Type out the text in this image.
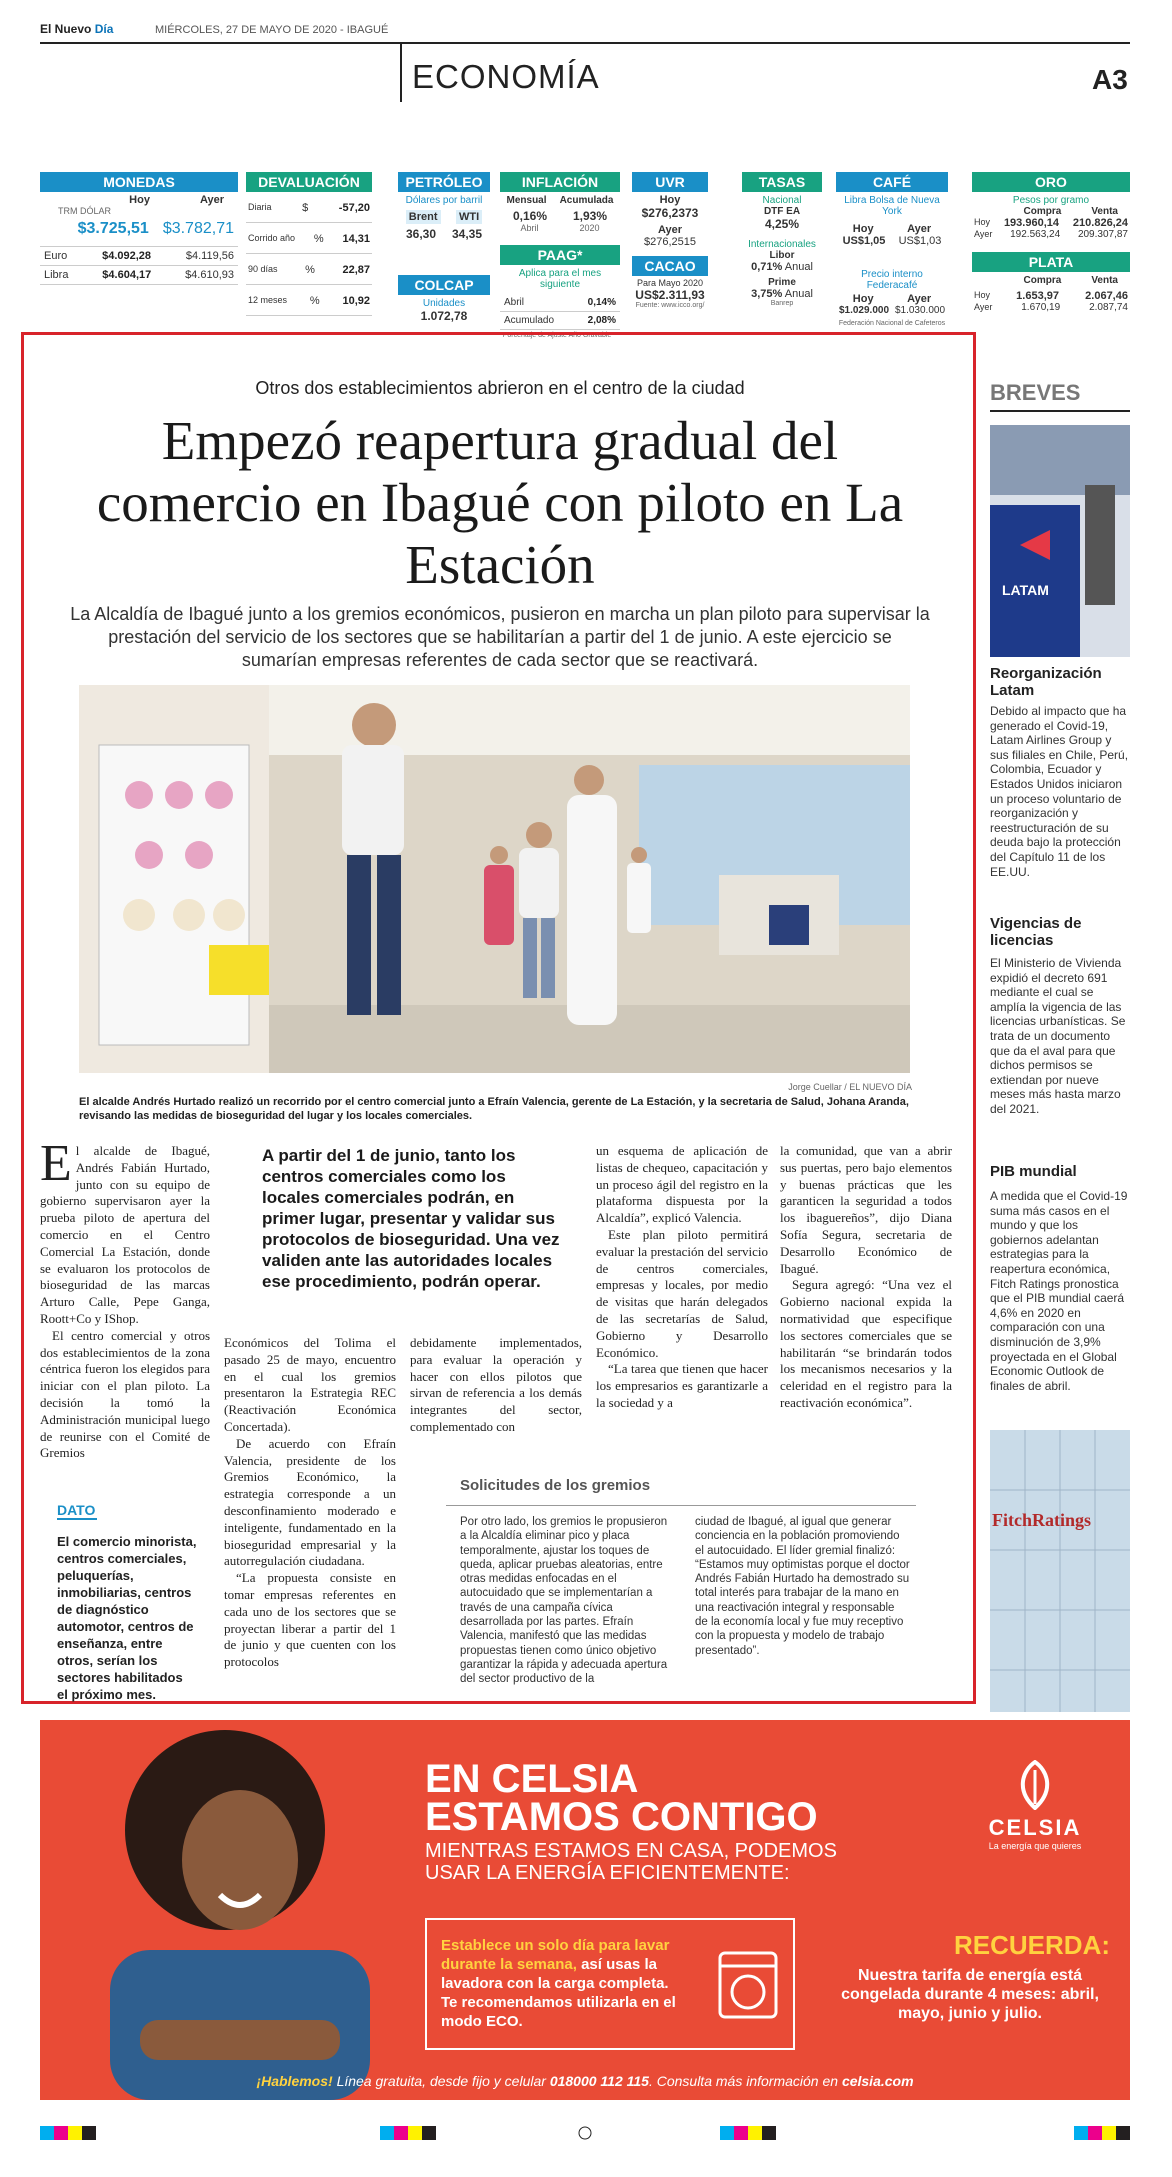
El Nuevo Día	MIÉRCOLES, 27 DE MAYO DE 2020 - IBAGUÉ
ECONOMÍA	A3
MONEDAS
Hoy	Ayer
TRM DÓLAR
$3.725,51 $3.782,71
Euro	$4.092,28	$4.119,56
Libra	$4.604,17	$4.610,93
DEVALUACIÓN
Diaria	$	-57,20
Corrido año % 14,31
90 días	%	22,87
12 meses % 10,92
PETRÓLEO
Dólares por barril
Brent WTI
36,30 34,35
COLCAP
Unidades
1.072,78
INFLACIÓN
Mensual Acumulada
0,16% 1,93%
Abril	2020
PAAG*
Aplica para el mes siguiente
Abril	0,14%
Acumulado	2,08%
*Porcentaje de Ajuste Año Gravable
UVR
Hoy
$276,2373
Ayer
$276,2515
CACAO
Para Mayo 2020
US$2.311,93
Fuente: www.icco.org/
TASAS
Nacional
DTF EA
4,25%
Internacionales
Libor
0,71% Anual
Prime
3,75% Anual
Banrep
CAFÉ
Libra Bolsa de Nueva York
Hoy	Ayer
US$1,05 US$1,03
Precio interno Federacafé
Hoy	Ayer
$1.029.000 $1.030.000
Federación Nacional de Cafeteros
ORO
Pesos por gramo
Compra	Venta
Hoy 193.960,14 210.826,24
Ayer 192.563,24 209.307,87
PLATA
Compra	Venta
Hoy 1.653,97 2.067,46
Ayer	1.670,19	2.087,74
Otros dos establecimientos abrieron en el centro de la ciudad
Empezó reapertura gradual del comercio en Ibagué con piloto en La Estación
La Alcaldía de Ibagué junto a los gremios económicos, pusieron en marcha un plan piloto para supervisar la prestación del servicio de los sectores que se habilitarían a partir del 1 de junio. A este ejercicio se sumarían empresas referentes de cada sector que se reactivará.
Jorge Cuellar / EL NUEVO DÍA
El alcalde Andrés Hurtado realizó un recorrido por el centro comercial junto a Efraín Valencia, gerente de La Estación, y la secretaria de Salud, Johana Aranda, revisando las medidas de bioseguridad del lugar y los locales comerciales.

El alcalde de Ibagué, Andrés Fabián Hurtado, junto con su equipo de gobierno supervisaron ayer la prueba piloto de apertura del comercio en el Centro Comercial La Estación, donde se evaluaron los protocolos de bioseguridad de las marcas Arturo Calle, Pepe Ganga, Roott+Co y IShop.

El centro comercial y otros dos establecimientos de la zona céntrica fueron los elegidos para iniciar con el plan piloto. La decisión la tomó la Administración municipal luego de reunirse con el Comité de Gremios

A partir del 1 de junio, tanto los centros comerciales como los locales comerciales podrán, en primer lugar, presentar y validar sus protocolos de bioseguridad. Una vez validen ante las autoridades locales ese procedimiento, podrán operar.

Económicos del Tolima el pasado 25 de mayo, encuentro en el cual los gremios presentaron la Estrategia REC (Reactivación Económica Concertada).

De acuerdo con Efraín Valencia, presidente de los Gremios Económico, la estrategia corresponde a un desconfinamiento moderado e inteligente, fundamentado en la bioseguridad empresarial y la autorregulación ciudadana.

“La propuesta consiste en tomar empresas referentes en cada uno de los sectores que se proyectan liberar a partir del 1 de junio y que cuenten con los protocolos

debidamente implementados, para evaluar la operación y hacer con ellos pilotos que sirvan de referencia a los demás integrantes del sector, complementado con

un esquema de aplicación de listas de chequeo, capacitación y un proceso ágil del registro en la plataforma dispuesta por la Alcaldía”, explicó Valencia.

Este plan piloto permitirá evaluar la prestación del servicio de centros comerciales, empresas y locales, por medio de visitas que harán delegados de las secretarías de Salud, Gobierno y Desarrollo Económico.

“La tarea que tienen que hacer los empresarios es garantizarle a la sociedad y a

la comunidad, que van a abrir sus puertas, pero bajo elementos y buenas prácticas que les garanticen la seguridad a todos los ibaguereños”, dijo Diana Sofía Segura, secretaria de Desarrollo Económico de Ibagué.

Segura agregó: “Una vez el Gobierno nacional expida la normatividad que especifique los sectores comerciales que se habilitarán “se brindarán todos los mecanismos necesarios y la celeridad en el registro para la reactivación económica”.

DATO
El comercio minorista, centros comerciales, peluquerías, inmobiliarias, centros de diagnóstico automotor, centros de enseñanza, entre otros, serían los sectores habilitados el próximo mes.
Solicitudes de los gremios
Por otro lado, los gremios le propusieron a la Alcaldía eliminar pico y placa temporalmente, ajustar los toques de queda, aplicar pruebas aleatorias, entre otras medidas enfocadas en el autocuidado que se implementarían a través de una campaña cívica desarrollada por las partes. Efraín Valencia, manifestó que las medidas propuestas tienen como único objetivo garantizar la rápida y adecuada apertura del sector productivo de la
ciudad de Ibagué, al igual que generar conciencia en la población promoviendo el autocuidado. El líder gremial finalizó: “Estamos muy optimistas porque el doctor Andrés Fabián Hurtado ha demostrado su total interés para trabajar de la mano en una reactivación integral y responsable de la economía local y fue muy receptivo con la propuesta y modelo de trabajo presentado”.
BREVES
LATAM
Reorganización Latam
Debido al impacto que ha generado el Covid-19, Latam Airlines Group y sus filiales en Chile, Perú, Colombia, Ecuador y Estados Unidos iniciaron un proceso voluntario de reorganización y reestructuración de su deuda bajo la protección del Capítulo 11 de los EE.UU.
Vigencias de licencias
El Ministerio de Vivienda expidió el decreto 691 mediante el cual se amplía la vigencia de las licencias urbanísticas. Se trata de un documento que da el aval para que dichos permisos se extiendan por nueve meses más hasta marzo del 2021.
PIB mundial
A medida que el Covid-19 suma más casos en el mundo y que los gobiernos adelantan estrategias para la reapertura económica, Fitch Ratings pronostica que el PIB mundial caerá 4,6% en 2020 en comparación con una disminución de 3,9% proyectada en el Global Economic Outlook de finales de abril.
FitchRatings
EN CELSIA
ESTAMOS CONTIGO
MIENTRAS ESTAMOS EN CASA, PODEMOS
USAR LA ENERGÍA EFICIENTEMENTE:
Establece un solo día para lavar durante la semana, así usas la lavadora con la carga completa. Te recomendamos utilizarla en el modo ECO.
CELSIA
La energía que quieres
RECUERDA:
Nuestra tarifa de energía está congelada durante 4 meses: abril, mayo, junio y julio.
¡Hablemos! Línea gratuita, desde fijo y celular 018000 112 115. Consulta más información en celsia.com
